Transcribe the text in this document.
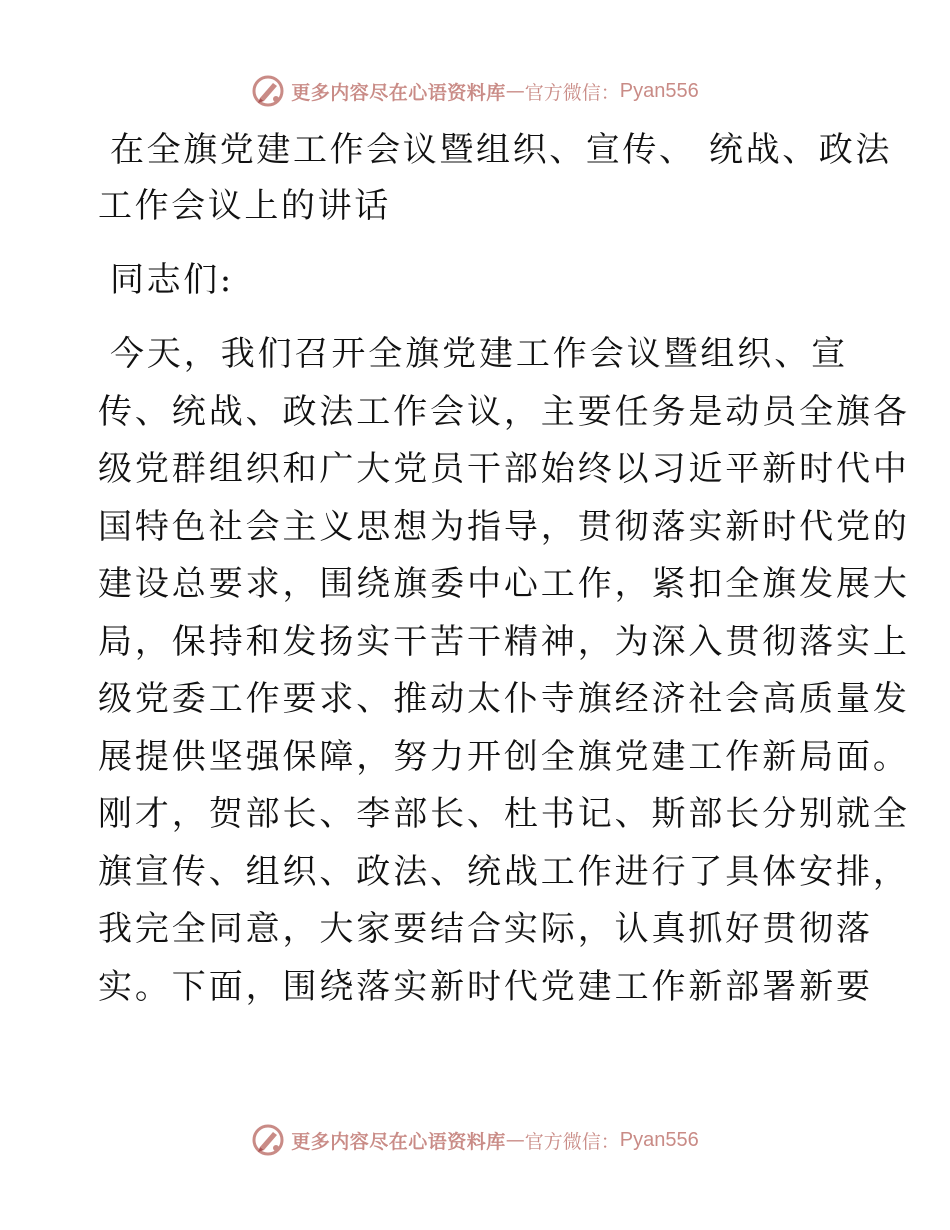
更多内容尽在心语资料库 — 官方微信： Pyan556
在全旗党建工作会议暨组织、宣传、 统战、政法
工作会议上的讲话

同志们:

今天，我们召开全旗党建工作会议暨组织、宣
传、统战、政法工作会议，主要任务是动员全旗各
级党群组织和广大党员干部始终以习近平新时代中
国特色社会主义思想为指导，贯彻落实新时代党的
建设总要求，围绕旗委中心工作，紧扣全旗发展大
局，保持和发扬实干苦干精神，为深入贯彻落实上
级党委工作要求、推动太仆寺旗经济社会高质量发
展提供坚强保障，努力开创全旗党建工作新局面。
刚才，贺部长、李部长、杜书记、斯部长分别就全
旗宣传、组织、政法、统战工作进行了具体安排，
我完全同意，大家要结合实际，认真抓好贯彻落
实。下面，围绕落实新时代党建工作新部署新要

更多内容尽在心语资料库 — 官方微信： Pyan556
